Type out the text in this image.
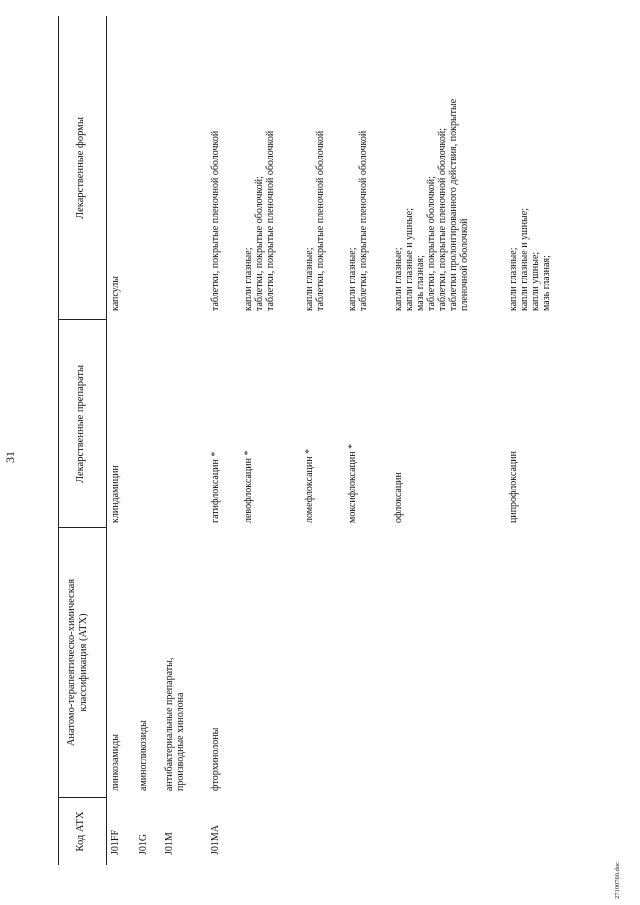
31
Код АТХ
Анатомо-терапевтическо-химическая классификация (АТХ)
Лекарственные препараты
Лекарственные формы
J01FF
линкозамиды
клиндамицин
капсулы
J01G
аминогликозиды
J01M
антибактериальные препараты,
производные хинолона
J01MA
фторхинолоны
гатифлоксацин *
таблетки, покрытые пленочной оболочкой
левофлоксацин *
капли глазные;
таблетки, покрытые оболочкой;
таблетки, покрытые пленочной оболочкой
ломефлоксацин *
капли глазные;
таблетки, покрытые пленочной оболочкой
моксифлоксацин *
капли глазные;
таблетки, покрытые пленочной оболочкой
офлоксацин
капли глазные;
капли глазные и ушные;
мазь глазная;
таблетки, покрытые оболочкой;
таблетки, покрытые пленочной оболочкой;
таблетки пролонгированного действия, покрытые
пленочной оболочкой
ципрофлоксацин
капли глазные;
капли глазные и ушные;
капли ушные;
мазь глазная;
27100760.doc
